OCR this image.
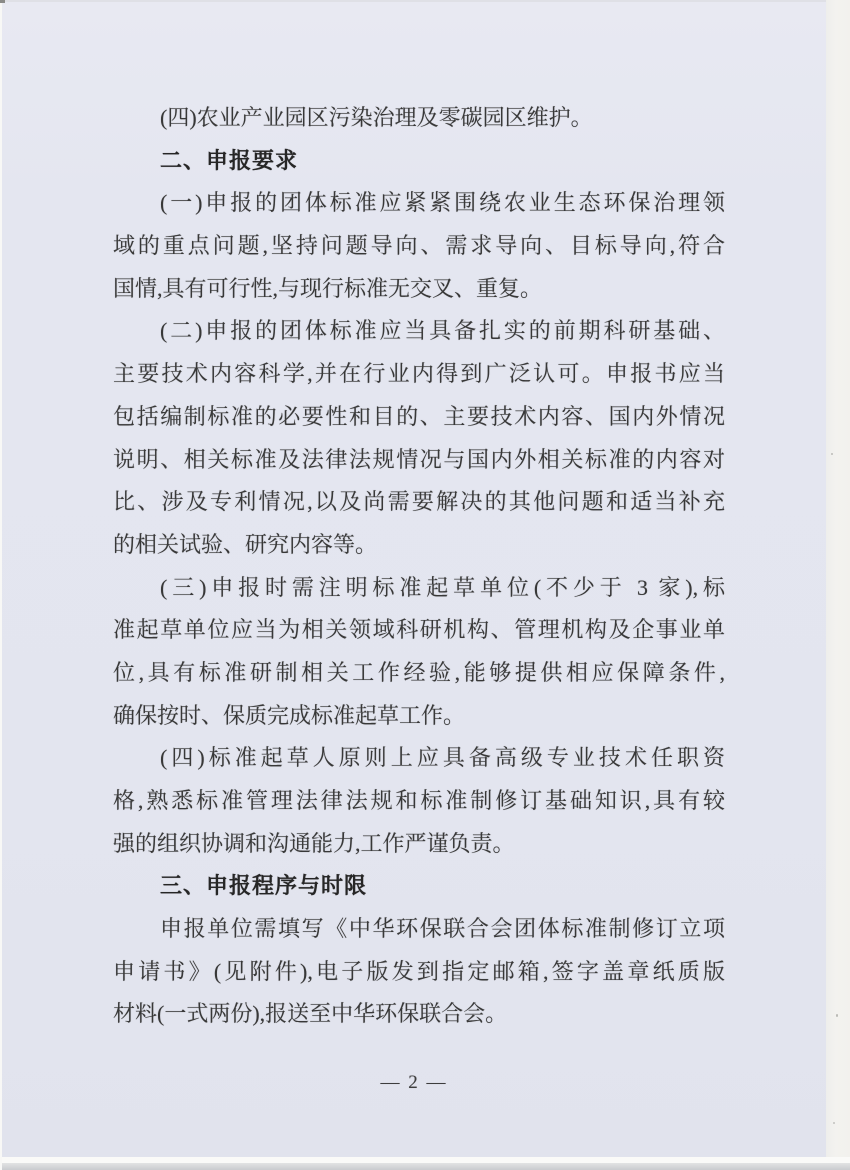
(四)农业产业园区污染治理及零碳园区维护。
二、申报要求
(一)申报的团体标准应紧紧围绕农业生态环保治理领
域的重点问题,坚持问题导向、需求导向、目标导向,符合
国情,具有可行性,与现行标准无交叉、重复。
(二)申报的团体标准应当具备扎实的前期科研基础、
主要技术内容科学,并在行业内得到广泛认可。申报书应当
包括编制标准的必要性和目的、主要技术内容、国内外情况
说明、相关标准及法律法规情况与国内外相关标准的内容对
比、涉及专利情况,以及尚需要解决的其他问题和适当补充
的相关试验、研究内容等。
(三)申报时需注明标准起草单位(不少于 3 家),标
准起草单位应当为相关领域科研机构、管理机构及企事业单
位,具有标准研制相关工作经验,能够提供相应保障条件,
确保按时、保质完成标准起草工作。
(四)标准起草人原则上应具备高级专业技术任职资
格,熟悉标准管理法律法规和标准制修订基础知识,具有较
强的组织协调和沟通能力,工作严谨负责。
三、申报程序与时限
申报单位需填写《中华环保联合会团体标准制修订立项
申请书》(见附件),电子版发到指定邮箱,签字盖章纸质版
材料(一式两份),报送至中华环保联合会。
— 2 —
